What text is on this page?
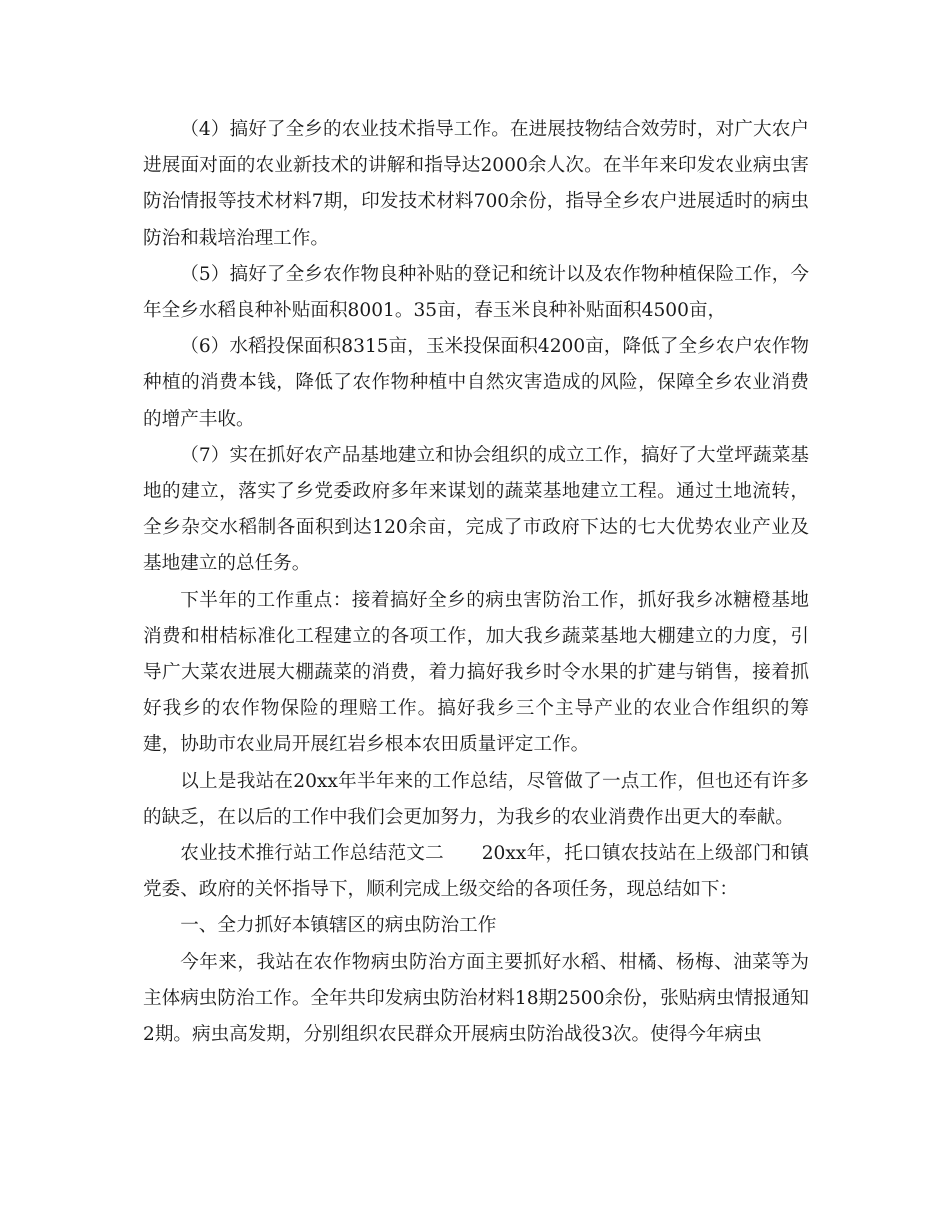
（4）搞好了全乡的农业技术指导工作。在进展技物结合效劳时，对广大农户进展面对面的农业新技术的讲解和指导达2000余人次。在半年来印发农业病虫害防治情报等技术材料7期，印发技术材料700余份，指导全乡农户进展适时的病虫防治和栽培治理工作。

（5）搞好了全乡农作物良种补贴的登记和统计以及农作物种植保险工作，今年全乡水稻良种补贴面积8001。35亩，春玉米良种补贴面积4500亩，

（6）水稻投保面积8315亩，玉米投保面积4200亩，降低了全乡农户农作物种植的消费本钱，降低了农作物种植中自然灾害造成的风险，保障全乡农业消费的增产丰收。

（7）实在抓好农产品基地建立和协会组织的成立工作，搞好了大堂坪蔬菜基地的建立，落实了乡党委政府多年来谋划的蔬菜基地建立工程。通过土地流转，全乡杂交水稻制各面积到达120余亩，完成了市政府下达的七大优势农业产业及基地建立的总任务。

下半年的工作重点：接着搞好全乡的病虫害防治工作，抓好我乡冰糖橙基地消费和柑桔标准化工程建立的各项工作，加大我乡蔬菜基地大棚建立的力度，引导广大菜农进展大棚蔬菜的消费，着力搞好我乡时令水果的扩建与销售，接着抓好我乡的农作物保险的理赔工作。搞好我乡三个主导产业的农业合作组织的筹建，协助市农业局开展红岩乡根本农田质量评定工作。

以上是我站在20xx年半年来的工作总结，尽管做了一点工作，但也还有许多的缺乏，在以后的工作中我们会更加努力，为我乡的农业消费作出更大的奉献。

农业技术推行站工作总结范文二　　20xx年，托口镇农技站在上级部门和镇党委、政府的关怀指导下，顺利完成上级交给的各项任务，现总结如下：

一、全力抓好本镇辖区的病虫防治工作

今年来，我站在农作物病虫防治方面主要抓好水稻、柑橘、杨梅、油菜等为主体病虫防治工作。全年共印发病虫防治材料18期2500余份，张贴病虫情报通知2期。病虫高发期，分别组织农民群众开展病虫防治战役3次。使得今年病虫
